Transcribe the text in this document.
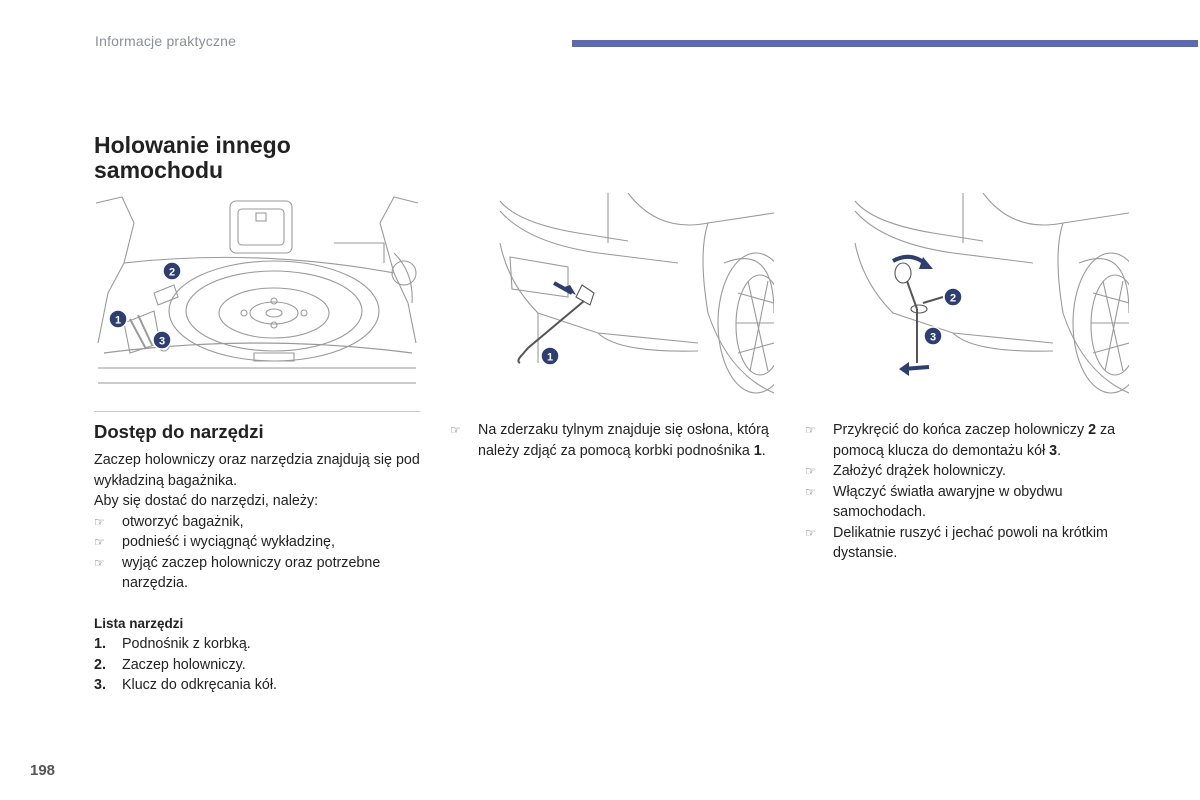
Informacje praktyczne
Holowanie innego
samochodu
2
1
3
1
2
3
Dostęp do narzędzi

Zaczep holowniczy oraz narzędzia znajdują się pod wykładziną bagażnika.

Aby się dostać do narzędzi, należy:

☞ otworzyć bagażnik,
☞ podnieść i wyciągnąć wykładzinę,
☞ wyjąć zaczep holowniczy oraz potrzebne narzędzia.
Lista narzędzi
1. Podnośnik z korbką.
2. Zaczep holowniczy.
3. Klucz do odkręcania kół.
☞ Na zderzaku tylnym znajduje się osłona, którą należy zdjąć za pomocą korbki podnośnika 1.
☞ Przykręcić do końca zaczep holowniczy 2 za pomocą klucza do demontażu kół 3.
☞ Założyć drążek holowniczy.
☞ Włączyć światła awaryjne w obydwu samochodach.
☞ Delikatnie ruszyć i jechać powoli na krótkim dystansie.
198
